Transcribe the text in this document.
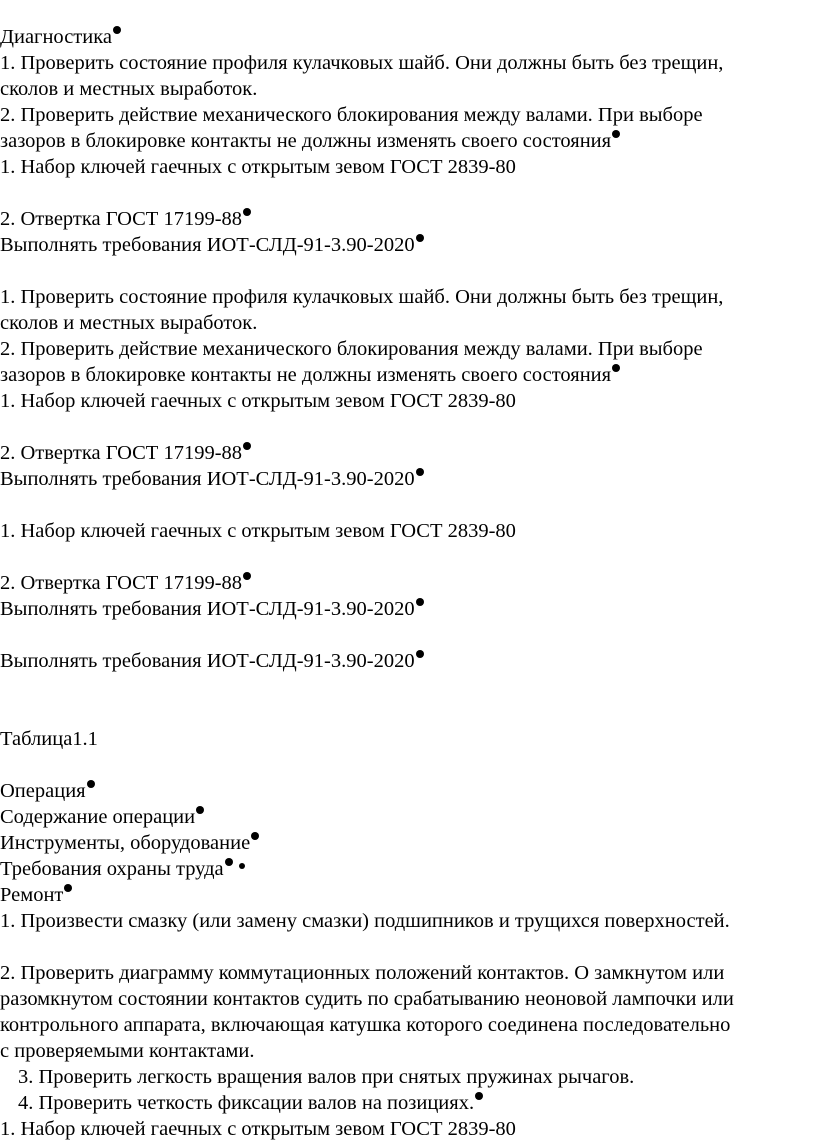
Диагностика
1. Проверить состояние профиля кулачковых шайб. Они должны быть без трещин,
сколов и местных выработок.
2. Проверить действие механического блокирования между валами. При выборе
зазоров в блокировке контакты не должны изменять своего состояния
1. Набор ключей гаечных с открытым зевом ГОСТ 2839-80
2. Отвертка ГОСТ 17199-88
Выполнять требования ИОТ-СЛД-91-3.90-2020
1. Проверить состояние профиля кулачковых шайб. Они должны быть без трещин,
сколов и местных выработок.
2. Проверить действие механического блокирования между валами. При выборе
зазоров в блокировке контакты не должны изменять своего состояния
1. Набор ключей гаечных с открытым зевом ГОСТ 2839-80
2. Отвертка ГОСТ 17199-88
Выполнять требования ИОТ-СЛД-91-3.90-2020
1. Набор ключей гаечных с открытым зевом ГОСТ 2839-80
2. Отвертка ГОСТ 17199-88
Выполнять требования ИОТ-СЛД-91-3.90-2020
Выполнять требования ИОТ-СЛД-91-3.90-2020
Таблица1.1
Операция
Содержание операции
Инструменты, оборудование
Требования охраны труда
Ремонт
1. Произвести смазку (или замену смазки) подшипников и трущихся поверхностей.
2. Проверить диаграмму коммутационных положений контактов. О замкнутом или
разомкнутом состоянии контактов судить по срабатыванию неоновой лампочки или
контрольного аппарата, включающая катушка которого соединена последовательно
с проверяемыми контактами.
3. Проверить легкость вращения валов при снятых пружинах рычагов.
4. Проверить четкость фиксации валов на позициях.
1. Набор ключей гаечных с открытым зевом ГОСТ 2839-80
